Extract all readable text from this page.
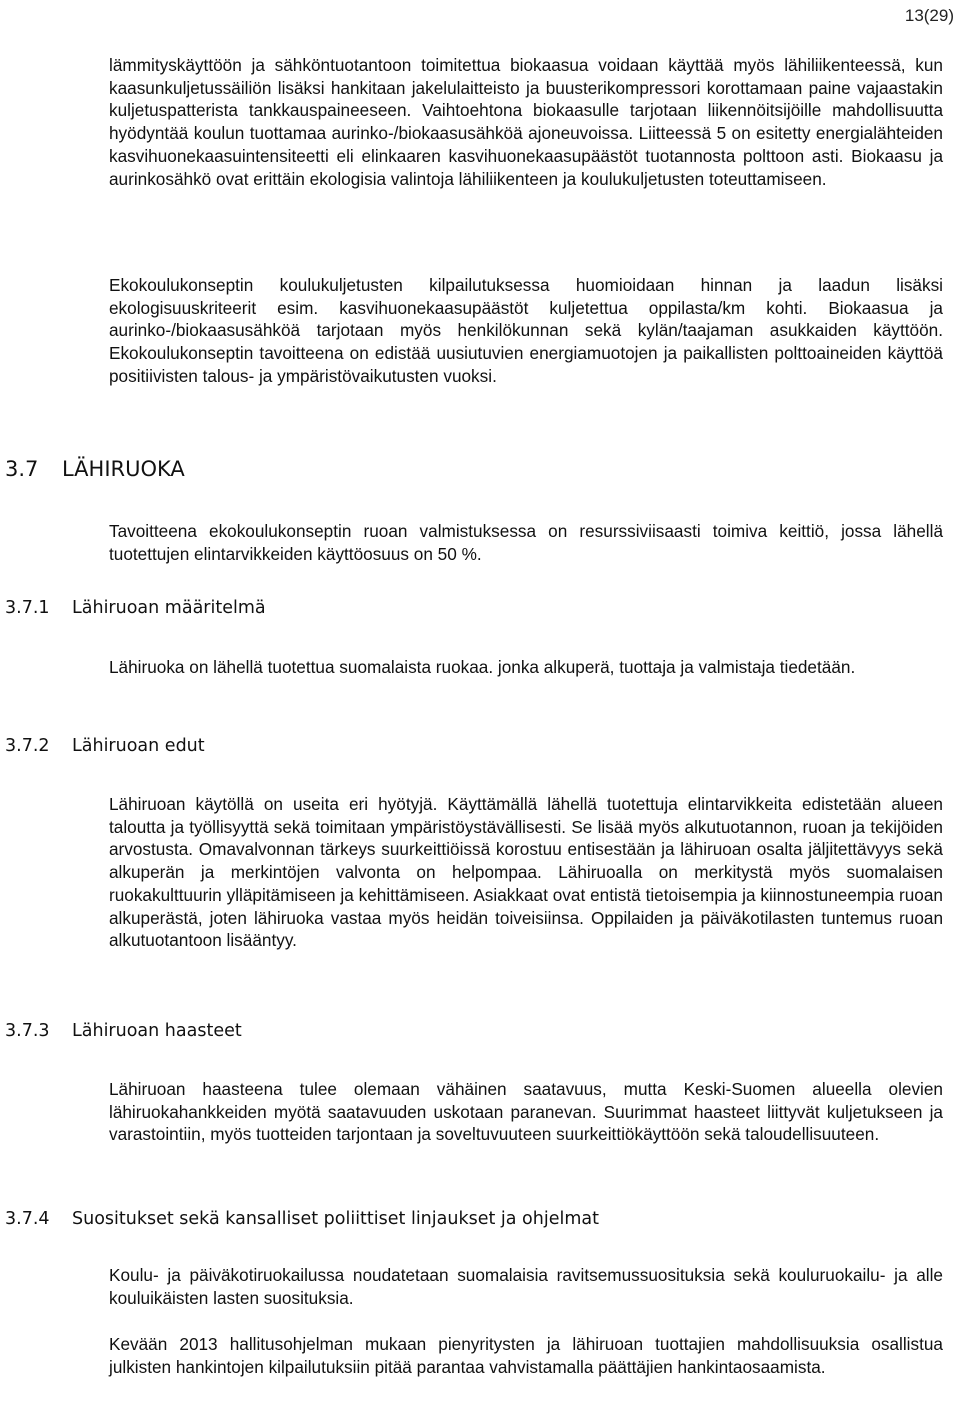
13(29)

lämmityskäyttöön ja sähköntuotantoon toimitettua biokaasua voidaan käyttää myös lähiliikenteessä, kun kaasunkuljetussäiliön lisäksi hankitaan jakelulaitteisto ja buusterikompressori korottamaan paine vajaastakin kuljetuspatterista tankkauspaineeseen. Vaihtoehtona biokaasulle tarjotaan liikennöitsijöille mahdollisuutta hyödyntää koulun tuottamaa aurinko-/biokaasusähköä ajoneuvoissa. Liitteessä 5 on esitetty energialähteiden kasvihuonekaasuintensiteetti eli elinkaaren kasvihuonekaasupäästöt tuotannosta polttoon asti. Biokaasu ja aurinkosähkö ovat erittäin ekologisia valintoja lähiliikenteen ja koulukuljetusten toteuttamiseen.

Ekokoulukonseptin koulukuljetusten kilpailutuksessa huomioidaan hinnan ja laadun lisäksi ekologisuuskriteerit esim. kasvihuonekaasupäästöt kuljetettua oppilasta/km kohti. Biokaasua ja aurinko-/biokaasusähköä tarjotaan myös henkilökunnan sekä kylän/taajaman asukkaiden käyttöön. Ekokoulukonseptin tavoitteena on edistää uusiutuvien energiamuotojen ja paikallisten polttoaineiden käyttöä positiivisten talous- ja ympäristövaikutusten vuoksi.

3.7 LÄHIRUOKA

Tavoitteena ekokoulukonseptin ruoan valmistuksessa on resurssiviisaasti toimiva keittiö, jossa lähellä tuotettujen elintarvikkeiden käyttöosuus on 50 %.

3.7.1 Lähiruoan määritelmä

Lähiruoka on lähellä tuotettua suomalaista ruokaa. jonka alkuperä, tuottaja ja valmistaja tiedetään.

3.7.2 Lähiruoan edut

Lähiruoan käytöllä on useita eri hyötyjä. Käyttämällä lähellä tuotettuja elintarvikkeita edistetään alueen taloutta ja työllisyyttä sekä toimitaan ympäristöystävällisesti. Se lisää myös alkutuotannon, ruoan ja tekijöiden arvostusta. Omavalvonnan tärkeys suurkeittiöissä korostuu entisestään ja lähiruoan osalta jäljitettävyys sekä alkuperän ja merkintöjen valvonta on helpompaa. Lähiruoalla on merkitystä myös suomalaisen ruokakulttuurin ylläpitämiseen ja kehittämiseen. Asiakkaat ovat entistä tietoisempia ja kiinnostuneempia ruoan alkuperästä, joten lähiruoka vastaa myös heidän toiveisiinsa. Oppilaiden ja päiväkotilasten tuntemus ruoan alkutuotantoon lisääntyy.

3.7.3 Lähiruoan haasteet

Lähiruoan haasteena tulee olemaan vähäinen saatavuus, mutta Keski-Suomen alueella olevien lähiruokahankkeiden myötä saatavuuden uskotaan paranevan. Suurimmat haasteet liittyvät kuljetukseen ja varastointiin, myös tuotteiden tarjontaan ja soveltuvuuteen suurkeittiökäyttöön sekä taloudellisuuteen.

3.7.4 Suositukset sekä kansalliset poliittiset linjaukset ja ohjelmat

Koulu- ja päiväkotiruokailussa noudatetaan suomalaisia ravitsemussuosituksia sekä kouluruokailu- ja alle kouluikäisten lasten suosituksia.

Kevään 2013 hallitusohjelman mukaan pienyritysten ja lähiruoan tuottajien mahdollisuuksia osallistua julkisten hankintojen kilpailutuksiin pitää parantaa vahvistamalla päättäjien hankintaosaamista.
